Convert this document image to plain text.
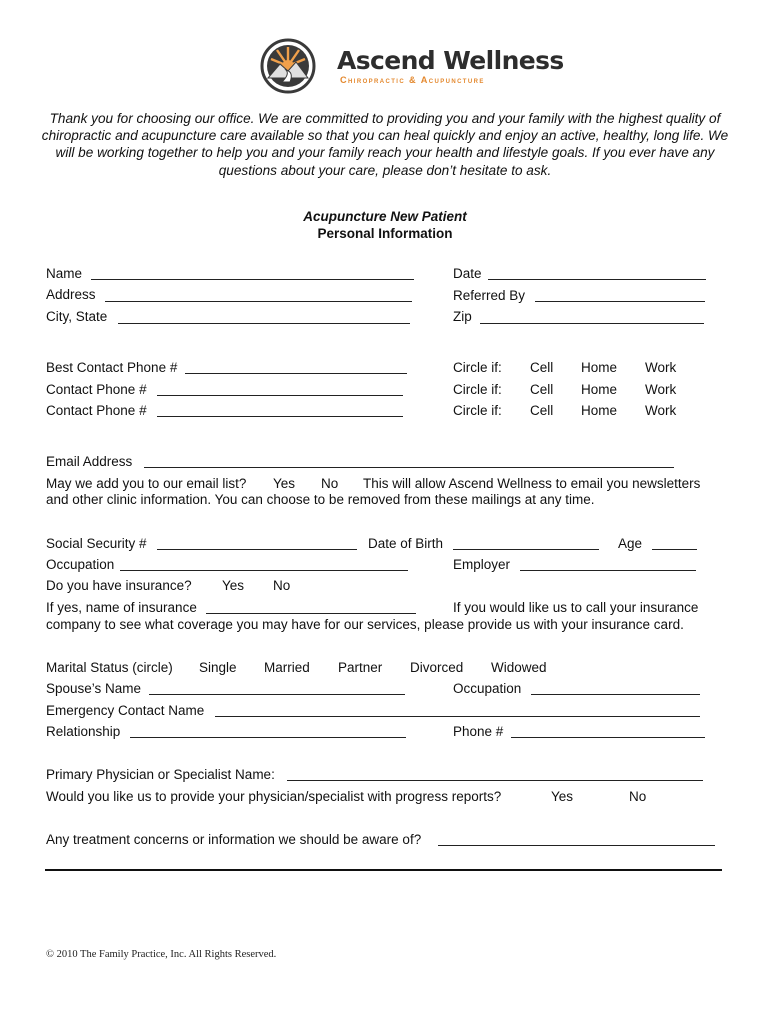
Ascend Wellness
Chiropractic & Acupuncture
Thank you for choosing our office. We are committed to providing you and your family with the highest quality of chiropractic and acupuncture care available so that you can heal quickly and enjoy an active, healthy, long life. We will be working together to help you and your family reach your health and lifestyle goals. If you ever have any questions about your care, please don’t hesitate to ask.
Acupuncture New Patient
Personal Information
Name	Date
Address	Referred By
City, State	Zip
Best Contact Phone #	Circle if: Cell Home Work
Contact Phone #	Circle if: Cell Home Work
Contact Phone #	Circle if: Cell Home Work
Email Address
May we add you to our email list? Yes No This will allow Ascend Wellness to email you newsletters
and other clinic information. You can choose to be removed from these mailings at any time.
Social Security #	Date of Birth	Age
Occupation	Employer
Do you have insurance? Yes No
If yes, name of insurance	If you would like us to call your insurance
company to see what coverage you may have for our services, please provide us with your insurance card.
Marital Status (circle) Single Married Partner Divorced Widowed
Spouse’s Name	Occupation
Emergency Contact Name
Relationship	Phone #
Primary Physician or Specialist Name:
Would you like us to provide your physician/specialist with progress reports?	Yes	No
Any treatment concerns or information we should be aware of?
© 2010 The Family Practice, Inc. All Rights Reserved.
